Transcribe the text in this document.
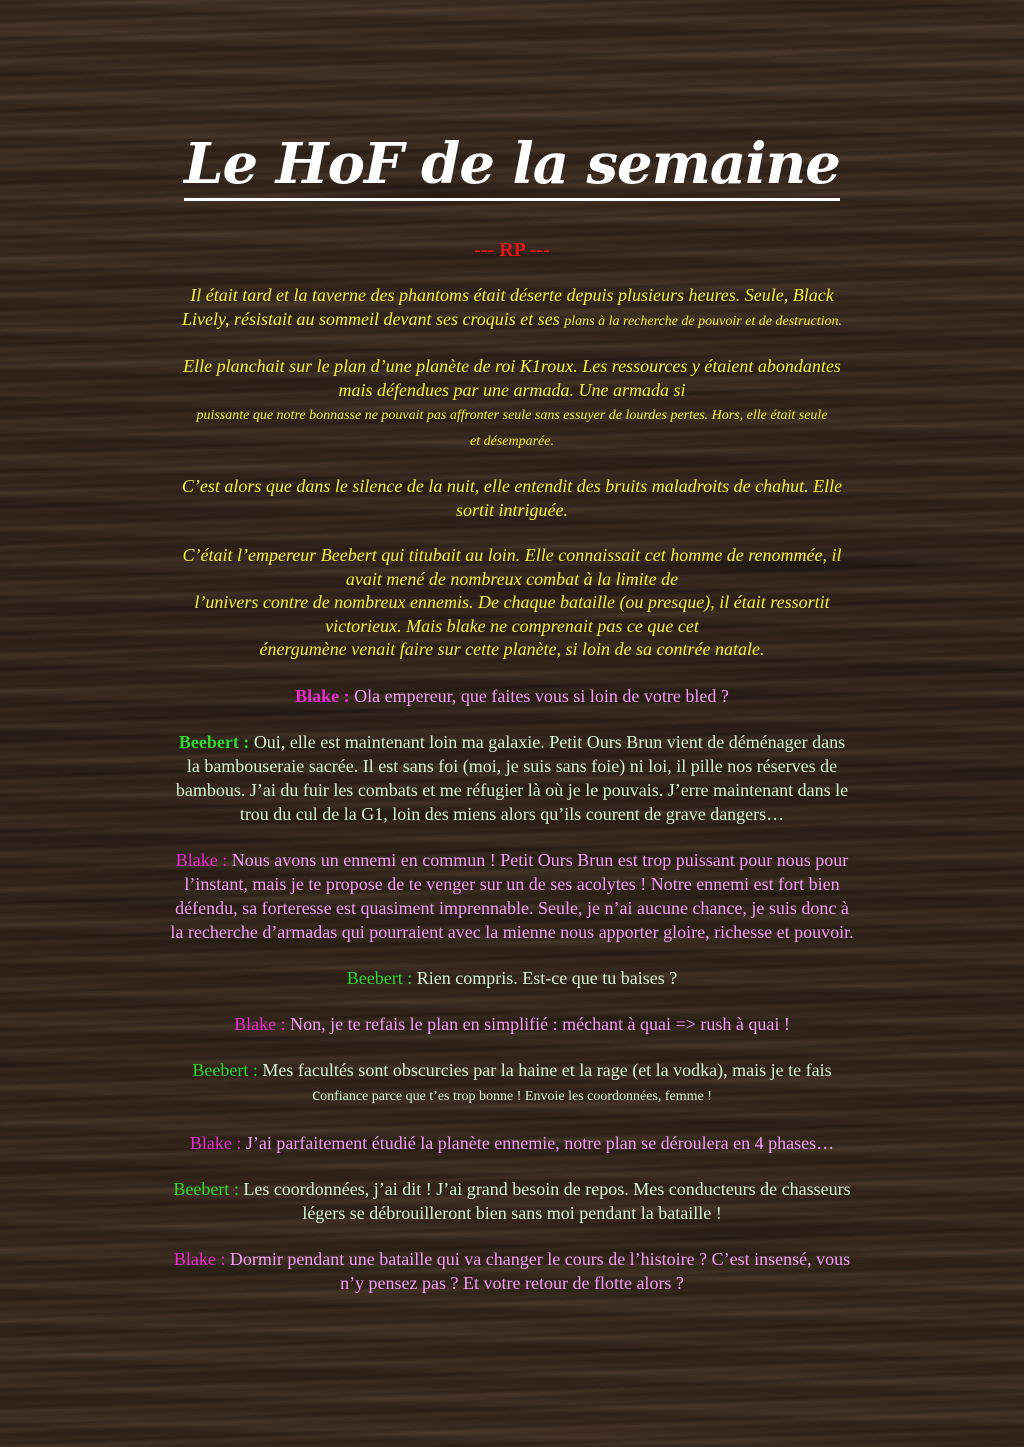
Le HoF de la semaine
--- RP ---

Il était tard et la taverne des phantoms était déserte depuis plusieurs heures. Seule, Black
Lively, résistait au sommeil devant ses croquis et ses plans à la recherche de pouvoir et de destruction.

Elle planchait sur le plan d’une planète de roi K1roux. Les ressources y étaient abondantes
mais défendues par une armada. Une armada si
puissante que notre bonnasse ne pouvait pas affronter seule sans essuyer de lourdes pertes. Hors, elle était seule
et désemparée.

C’est alors que dans le silence de la nuit, elle entendit des bruits maladroits de chahut. Elle
sortit intriguée.

C’était l’empereur Beebert qui titubait au loin. Elle connaissait cet homme de renommée, il
avait mené de nombreux combat à la limite de
l’univers contre de nombreux ennemis. De chaque bataille (ou presque), il était ressortit
victorieux. Mais blake ne comprenait pas ce que cet
énergumène venait faire sur cette planète, si loin de sa contrée natale.

Blake : Ola empereur, que faites vous si loin de votre bled ?

Beebert : Oui, elle est maintenant loin ma galaxie. Petit Ours Brun vient de déménager dans
la bambouseraie sacrée. Il est sans foi (moi, je suis sans foie) ni loi, il pille nos réserves de
bambous. J’ai du fuir les combats et me réfugier là où je le pouvais. J’erre maintenant dans le
trou du cul de la G1, loin des miens alors qu’ils courent de grave dangers…

Blake : Nous avons un ennemi en commun ! Petit Ours Brun est trop puissant pour nous pour
l’instant, mais je te propose de te venger sur un de ses acolytes ! Notre ennemi est fort bien
défendu, sa forteresse est quasiment imprennable. Seule, je n’ai aucune chance, je suis donc à
la recherche d’armadas qui pourraient avec la mienne nous apporter gloire, richesse et pouvoir.

Beebert : Rien compris. Est-ce que tu baises ?

Blake : Non, je te refais le plan en simplifié : méchant à quai => rush à quai !

Beebert : Mes facultés sont obscurcies par la haine et la rage (et la vodka), mais je te fais
confiance parce que t’es trop bonne ! Envoie les coordonnées, femme !

Blake : J’ai parfaitement étudié la planète ennemie, notre plan se déroulera en 4 phases…

Beebert : Les coordonnées, j’ai dit ! J’ai grand besoin de repos. Mes conducteurs de chasseurs
légers se débrouilleront bien sans moi pendant la bataille !

Blake : Dormir pendant une bataille qui va changer le cours de l’histoire ? C’est insensé, vous
n’y pensez pas ? Et votre retour de flotte alors ?
